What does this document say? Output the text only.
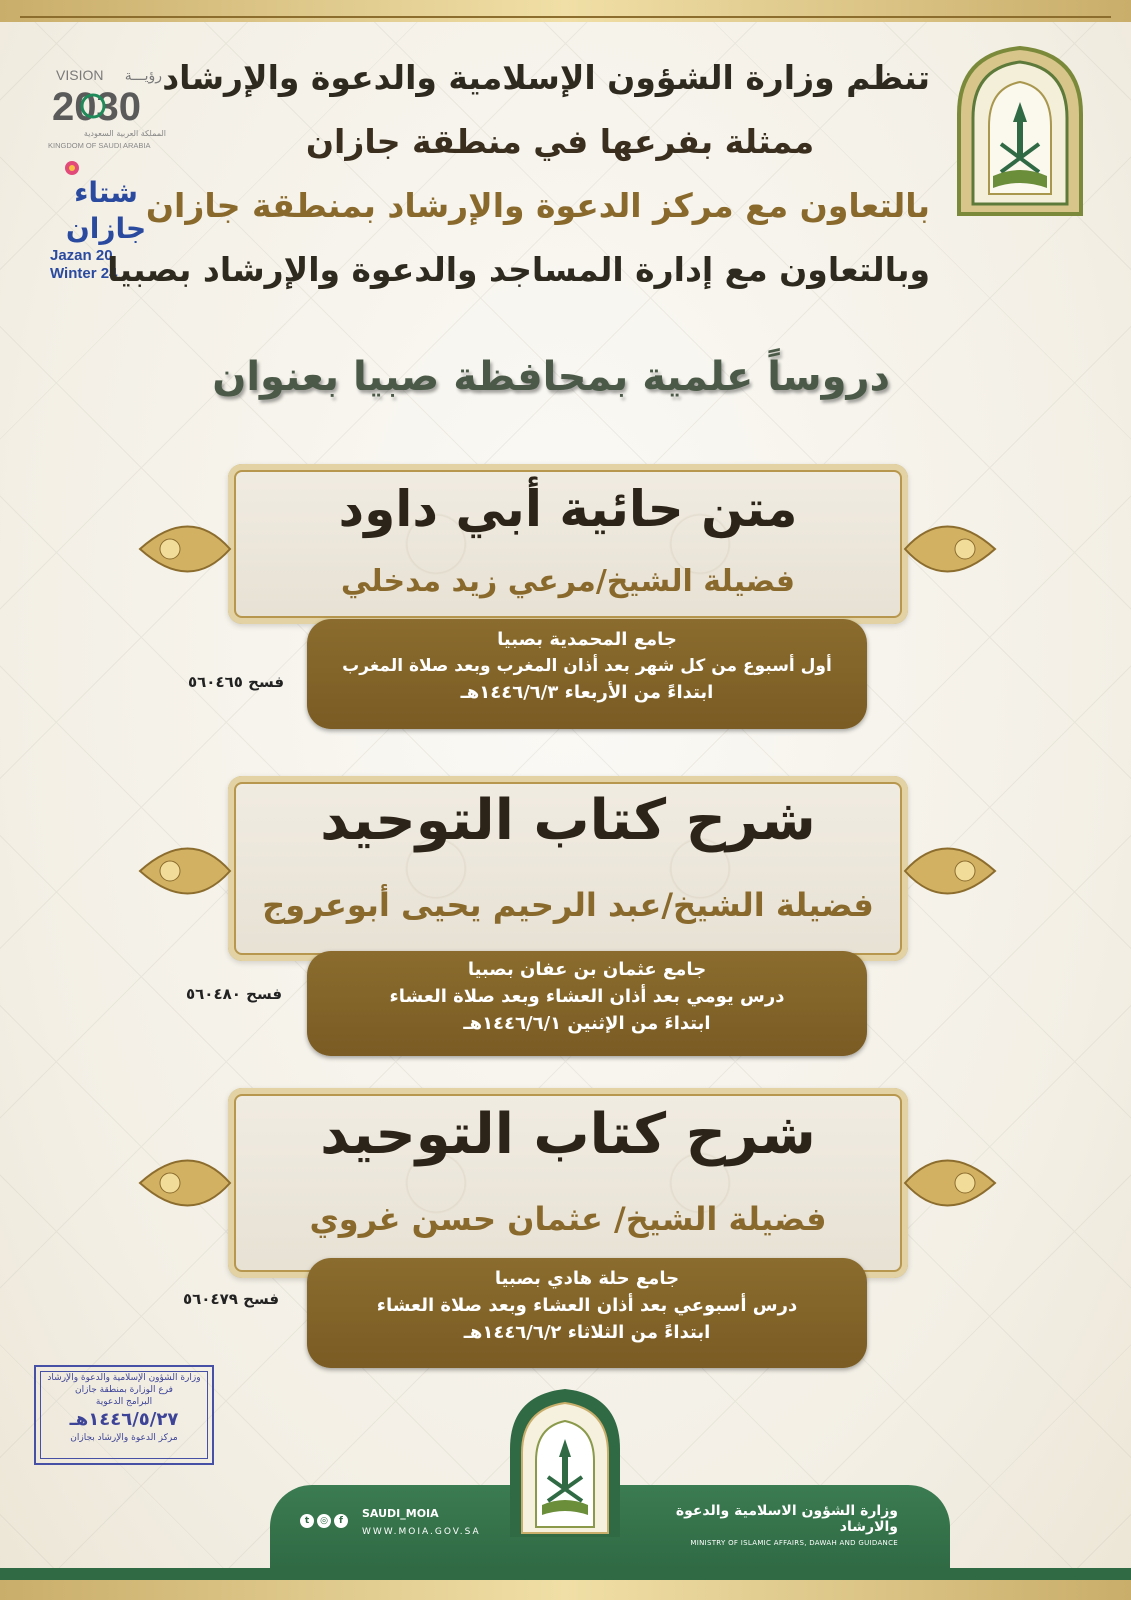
VISION رؤيـــة
2030
المملكة العربية السعودية
KINGDOM OF SAUDI ARABIA
شتاء
جازان
Jazan 20
Winter 24
تنظم وزارة الشؤون الإسلامية والدعوة والإرشاد
ممثلة بفرعها في منطقة جازان
بالتعاون مع مركز الدعوة والإرشاد بمنطقة جازان
وبالتعاون مع إدارة المساجد والدعوة والإرشاد بصبيا
دروساً علمية بمحافظة صبيا بعنوان
متن حائية أبي داود
فضيلة الشيخ/مرعي زيد مدخلي
جامع المحمدية بصبيا
أول أسبوع من كل شهر بعد أذان المغرب وبعد صلاة المغرب
ابتداءً من الأربعاء ١٤٤٦/٦/٣هـ
فسح ٥٦٠٤٦٥
شرح كتاب التوحيد
فضيلة الشيخ/عبد الرحيم يحيى أبوعروج
جامع عثمان بن عفان بصبيا
درس يومي بعد أذان العشاء وبعد صلاة العشاء
ابتداءَ من الإثنين ١٤٤٦/٦/١هـ
فسح ٥٦٠٤٨٠
شرح كتاب التوحيد
فضيلة الشيخ/ عثمان حسن غروي
جامع حلة هادي بصبيا
درس أسبوعي بعد أذان العشاء وبعد صلاة العشاء
ابتداءً من الثلاثاء ١٤٤٦/٦/٢هـ
فسح ٥٦٠٤٧٩
وزارة الشؤون الإسلامية والدعوة والإرشاد
فرع الوزارة بمنطقة جازان
البرامج الدعوية
١٤٤٦/٥/٢٧هـ
مركز الدعوة والإرشاد بجازان
وزارة الشؤون الاسلامية والدعوة والارشاد
MINISTRY OF ISLAMIC AFFAIRS, DAWAH AND GUIDANCE
t ◎ f
SAUDI_MOIA
WWW.MOIA.GOV.SA
